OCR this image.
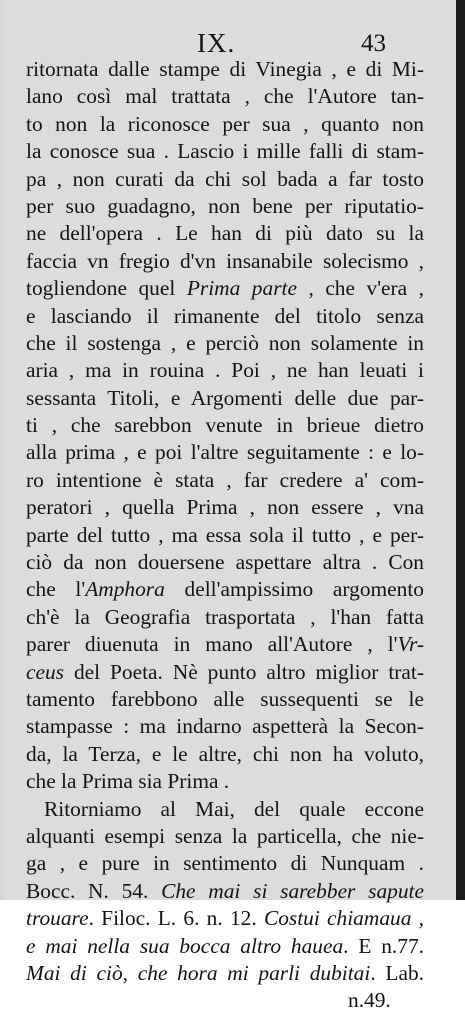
IX.	43
ritornata dalle stampe di Vinegia , e di Mi-
lano così mal trattata , che l'Autore tan-
to non la riconosce per sua , quanto non
la conosce sua . Lascio i mille falli di stam-
pa , non curati da chi sol bada a far tosto
per suo guadagno, non bene per riputatio-
ne dell'opera . Le han di più dato su la
faccia vn fregio d'vn insanabile solecismo ,
togliendone quel Prima parte , che v'era ,
e lasciando il rimanente del titolo senza
che il sostenga , e perciò non solamente in
aria , ma in rouina . Poi , ne han leuati i
sessanta Titoli, e Argomenti delle due par-
ti , che sarebbon venute in brieue dietro
alla prima , e poi l'altre seguitamente : e lo-
ro intentione è stata , far credere a' com-
peratori , quella Prima , non essere , vna
parte del tutto , ma essa sola il tutto , e per-
ciò da non douersene aspettare altra . Con
che l'Amphora dell'ampissimo argomento
ch'è la Geografia trasportata , l'han fatta
parer diuenuta in mano all'Autore , l'Vr-
ceus del Poeta. Nè punto altro miglior trat-
tamento farebbono alle sussequenti se le
stampasse : ma indarno aspetterà la Secon-
da, la Terza, e le altre, chi non ha voluto,
che la Prima sia Prima .
Ritorniamo al Mai, del quale eccone
alquanti esempi senza la particella, che nie-
ga , e pure in sentimento di Nunquam .
Bocc. N. 54. Che mai si sarebber sapute
trouare. Filoc. L. 6. n. 12. Costui chiamaua ,
e mai nella sua bocca altro hauea. E n.77.
Mai di ciò, che hora mi parli dubitai. Lab.
n.49.
